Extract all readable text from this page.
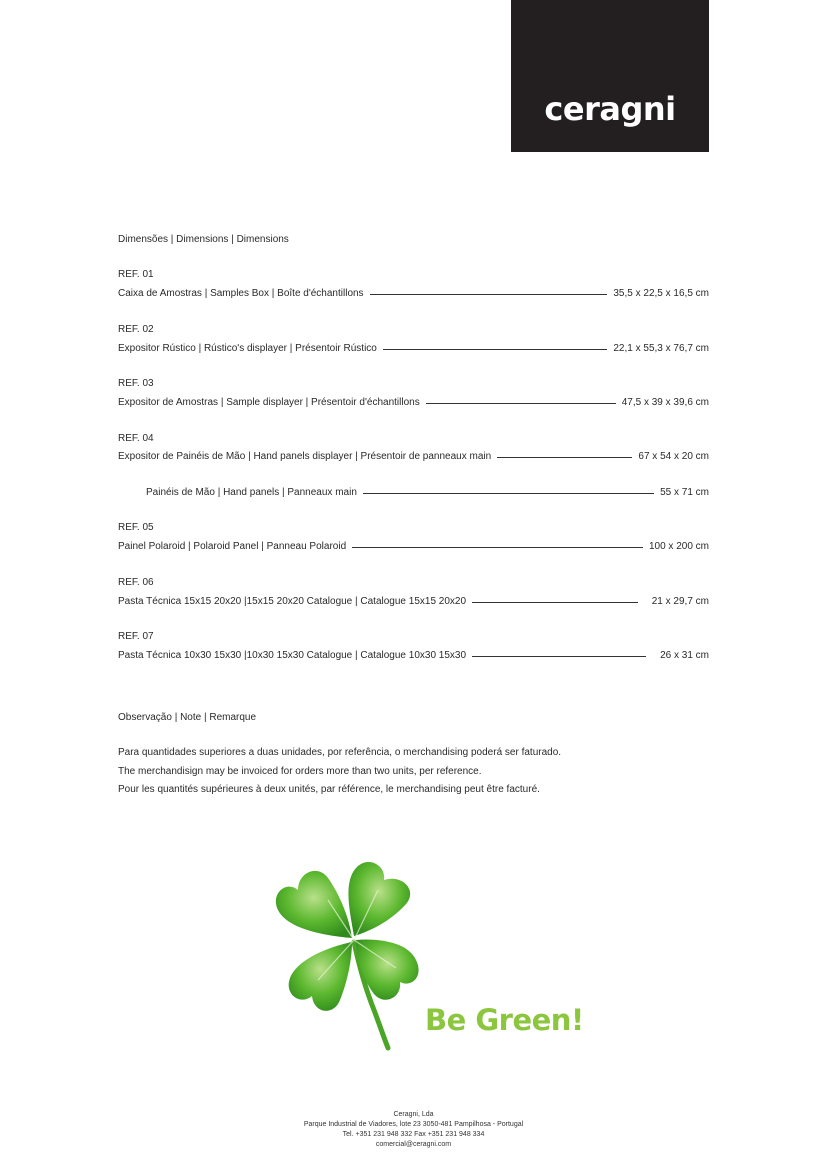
ceragni
Dimensões | Dimensions | Dimensions
REF. 01
Caixa de Amostras | Samples Box | Boîte d'échantillons	35,5 x 22,5 x 16,5 cm
REF. 02
Expositor Rústico | Rústico's displayer | Présentoir Rústico	22,1 x 55,3 x 76,7 cm
REF. 03
Expositor de Amostras | Sample displayer | Présentoir d'échantillons	47,5 x 39 x 39,6 cm
REF. 04
Expositor de Painéis de Mão | Hand panels displayer | Présentoir de panneaux main	67 x 54 x 20 cm
Painéis de Mão | Hand panels | Panneaux main	55 x 71 cm
REF. 05
Painel Polaroid | Polaroid Panel | Panneau Polaroid	100 x 200 cm
REF. 06
Pasta Técnica 15x15 20x20 |15x15 20x20 Catalogue | Catalogue 15x15 20x20	21 x 29,7 cm
REF. 07
Pasta Técnica 10x30 15x30 |10x30 15x30 Catalogue | Catalogue 10x30 15x30	26 x 31 cm
Observação | Note | Remarque
Para quantidades superiores a duas unidades, por referência, o merchandising poderá ser faturado.
The merchandisign may be invoiced for orders more than two units, per reference.
Pour les quantités supérieures à deux unités, par référence, le merchandising peut être facturé.
Be Green!
Ceragni, Lda
Parque Industrial de Viadores, lote 23 3050-481 Pampilhosa - Portugal
Tel. +351 231 948 332 Fax +351 231 948 334
comercial@ceragni.com
